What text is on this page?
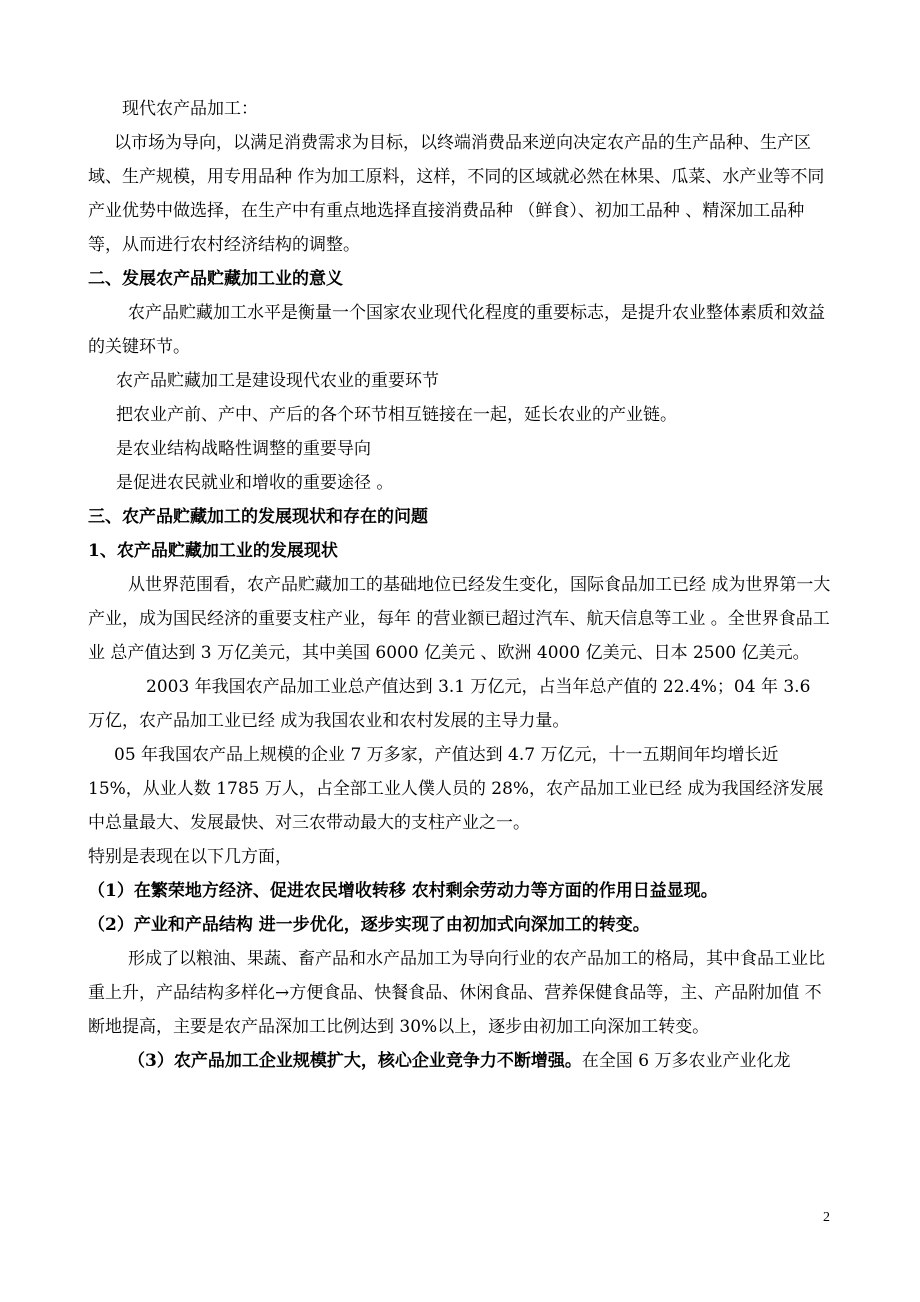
现代农产品加工：

以市场为导向，以满足消费需求为目标，以终端消费品来逆向决定农产品的生产品种、生产区域、生产规模，用专用品种 作为加工原料，这样，不同的区域就必然在林果、瓜菜、水产业等不同产业优势中做选择，在生产中有重点地选择直接消费品种 （鲜食）、初加工品种 、精深加工品种等，从而进行农村经济结构的调整。

二、发展农产品贮藏加工业的意义

农产品贮藏加工水平是衡量一个国家农业现代化程度的重要标志，是提升农业整体素质和效益的关键环节。

农产品贮藏加工是建设现代农业的重要环节

把农业产前、产中、产后的各个环节相互链接在一起，延长农业的产业链。

是农业结构战略性调整的重要导向

是促进农民就业和增收的重要途径 。

三、农产品贮藏加工的发展现状和存在的问题

1、农产品贮藏加工业的发展现状

从世界范围看，农产品贮藏加工的基础地位已经发生变化，国际食品加工已经 成为世界第一大产业，成为国民经济的重要支柱产业，每年 的营业额已超过汽车、航天信息等工业 。全世界食品工业 总产值达到 3 万亿美元，其中美国 6000 亿美元 、欧洲 4000 亿美元、日本 2500 亿美元。

2003 年我国农产品加工业总产值达到 3.1 万亿元，占当年总产值的 22.4%；04 年 3.6 万亿，农产品加工业已经 成为我国农业和农村发展的主导力量。

05 年我国农产品上规模的企业 7 万多家，产值达到 4.7 万亿元，十一五期间年均增长近 15%，从业人数 1785 万人，占全部工业人僕人员的 28%，农产品加工业已经 成为我国经济发展中总量最大、发展最快、对三农带动最大的支柱产业之一。

特别是表现在以下几方面，

（1）在繁荣地方经济、促进农民增收转移 农村剩余劳动力等方面的作用日益显现。

（2）产业和产品结构 进一步优化，逐步实现了由初加式向深加工的转变。

形成了以粮油、果蔬、畜产品和水产品加工为导向行业的农产品加工的格局，其中食品工业比重上升，产品结构多样化→方便食品、快餐食品、休闲食品、营养保健食品等，主、产品附加值 不断地提高，主要是农产品深加工比例达到 30%以上，逐步由初加工向深加工转变。

（3）农产品加工企业规模扩大，核心企业竞争力不断增强。在全国 6 万多农业产业化龙

2
